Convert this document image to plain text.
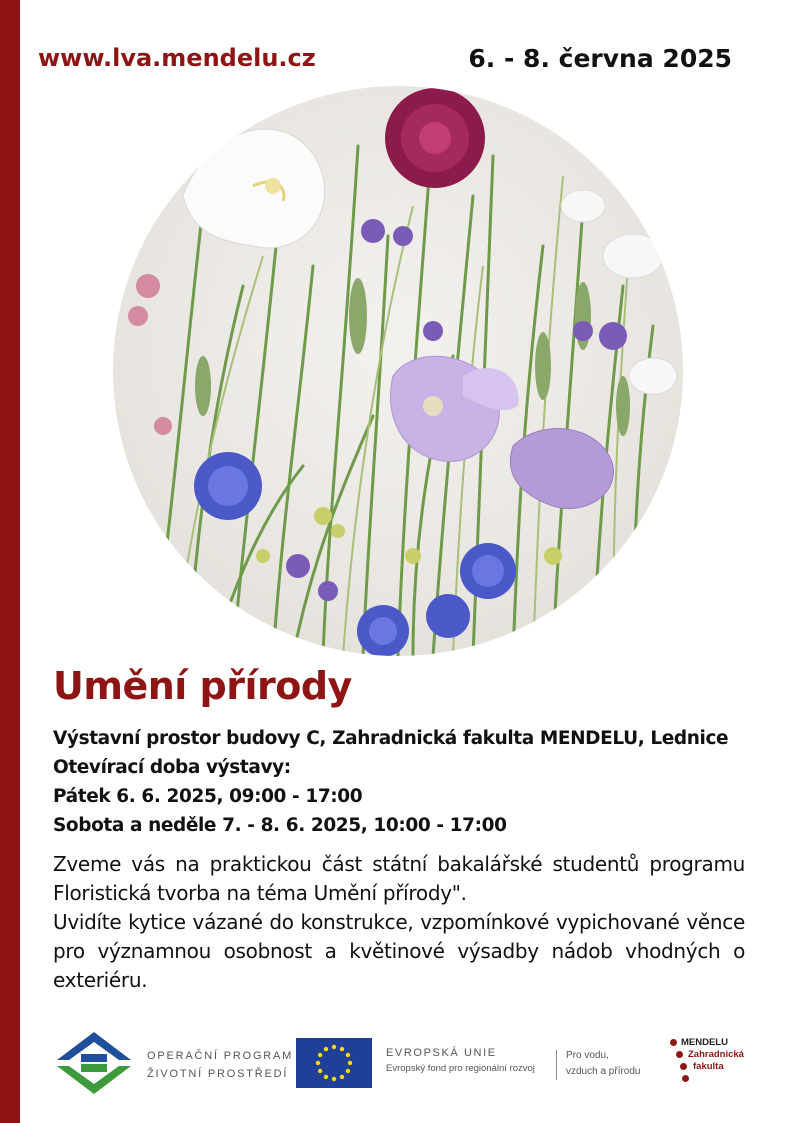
www.lva.mendelu.cz	6. - 8. června 2025
Umění přírody
Výstavní prostor budovy C, Zahradnická fakulta MENDELU, Lednice
Otevírací doba výstavy:
Pátek 6. 6. 2025, 09:00 - 17:00
Sobota a neděle 7. - 8. 6. 2025, 10:00 - 17:00

Zveme vás na praktickou část státní bakalářské studentů programu Floristická tvorba na téma Umění přírody".

Uvidíte kytice vázané do konstrukce, vzpomínkové vypichované věnce pro významnou osobnost a květinové výsadby nádob vhodných o exteriéru.

OPERAČNÍ PROGRAM
ŽIVOTNÍ PROSTŘEDÍ
EVROPSKÁ UNIE
Evropský fond pro regionální rozvoj
Pro vodu,
vzduch a přírodu
MENDELU
Zahradnická
fakulta
